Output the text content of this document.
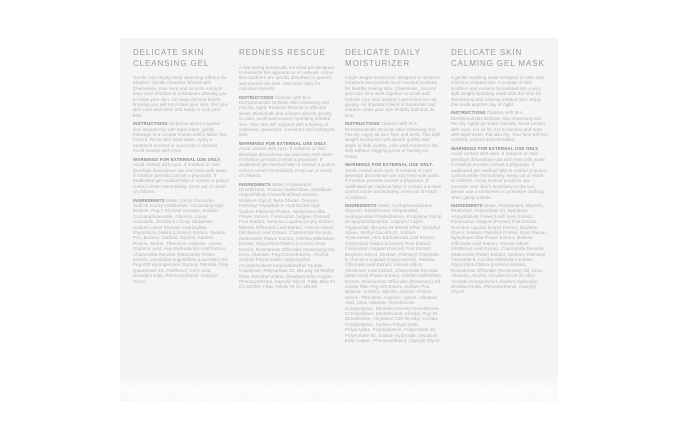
DELICATE SKIN CLEANSING GEL

Gentle, non-drying deep cleansing without the irritation. Gentle Cleanser infused with Chamomile, Aloe Vera and Licorice extracts keep your irritation to a minimum allowing you to clean your skin. Lift away dirt and debris knowing you will not irritate your skin. Get your skin calm and clean and ready to look your best.

INSTRUCTIONS Dispense about a quarter size amount mix with tepid water, gently message in a circular motion until a lather has formed. Rinse with tepid water. Apply a treatment product or sunscreen if desired. Avoid contact with eyes.

WARNINGS FOR EXTERNAL USE ONLY. Avoid contact with eyes. If irritation or rash develops discontinue use and rinse with water. If irritation persists consult a physician. If swallowed get medical help or contact a poison control center immediately. Keep out of reach of children.

INGREDIENTS Water, Decyl Glucoside, Sodium Cocoyl Isethionate, Cocamidopropyl Betaine, Peg-7 Glyceryl Cocoate, Sodium Cocoamphoacetate, Glycerin, Lauryl Glucoside, Disodium Cocoyl Glutamate, Sodium Lauryl Glucose Carboxylate, Glycyrrhiza Glabra (Licorice) Extract, Sodium Pca, Betaine, Sorbitol, Glycine, Alanine, Proline, Serine, Threonine, Arginine, Lysine, Glutamic Acid, Aloe Barbadensis Leaf Extract, Chamomilla Recutita (Matricaria) Flower Extract, Lavandula Angustifolia (Lavender) Oil, Peg-200 Hydrogenated Glyceryl Palmate, Poly- Quaternium-10, Panthenol, Citric Acid, Disodium Edta, Phenoxyethanol, Caprylyl Glycol

REDNESS RESCUE

A fast-acting botanically enriched gel designed to minimize the appearance of redness. Active skin soothers are quickly absorbed to quench and nourish the skin. Use twice daily for maximum benefit.

INSTRUCTIONS Cleanse with M.A. Dermaceuticals Delicate Skin Cleansing Gel. Pat dry. Apply Redness Rescue to affected areas. Botanicals and extracts absorb quickly to calm, sooth and nourish hydrating irritated skin. Your skin will respond with a feeling of calmness, quenched, nourished and looking its best.

WARNINGS FOR EXTERNAL USE ONLY. Avoid contact with eyes. If irritation or rash develops discontinue use and rinse with water. If irritation persists consult a physician. If swallowed get medical help or contact a poison control center immediately. Keep out of reach of children.

INGREDIENTS Water, Propanediol, Dimethicone, Sodium Hyaluronate, Epilobium Angustifolium Flower/leaf/stem Extract, Butylene Glycol, Beta Glucan, Dextran, Palmitoyl Tripeptide-8, Hydrolyzed Algin, Sodium Palmitoyl Proline, Nymphaea Alba Flower Extract, Foeniculum Vulgare (Fennel) Fruit Extract, Humulus Lupulus (Hops) Extract, Melissa Officinalis Leaf Extract, Viscum Album (Mistletoe) Leaf Extract, Chamomilla Recutita (Matricaria) Flower Extract, Achillea Millefolium Extract, Glycyrrhiza Glabra (Licorice) Root Extract, Rosmarinus Officinalis (Rosemary) Oil, Urea, Allantoin, Peg-8 Dimethicone, Alcohol, Sodium Polyacrylate, Hydroxyethyl Acrylate/sodium Acryloyldimethyl Taurate Copolymer, Polysorbate 20, Bis-peg-18 Methyl Ether Dimethyl Silane, Disodium Edta Copper, Phenoxyethanol, Caprylyl Glycol, Fd&c Blue #1 (Ci 42090), Fd&c Yellow #5 (Ci 19140)

DELICATE DAILY MOISTURIZER

A light weight moisturizer designed to minimize irritations and provide much needed moisture for healthy looking skin. Chamomile, Licorice and Aloe Vera work together to sooth and hydrate your skin leaving it quenched but not greasy. An important blend of botanicals and extracts make your skin healthy and look its best.

INSTRUCTIONS Cleanse with M.A. Dermaceuticals Delicate Skin Cleansing Gel. Pat dry. Apply all over face and neck. This light weight moisturizer will absorb quickly and begin to help soothe, calm and moisturize the skin without clogging pores or feeling too heavy.

WARNINGS FOR EXTERNAL USE ONLY. Avoid contact with eyes. If irritation or rash develops discontinue use and rinse with water. If irritation persists consult a physician. If swallowed get medical help or contact a poison control center immediately. Keep out of reach of children.

INGREDIENTS Water, Cyclopentasiloxane, Glycerin, Dimethicone, Propanediol, Hydrogenated Polyisobutene, Propylene Glycol Dicaprylate/dicaprate, Caprylic/ Capric Triglyceride, Bis-peg-18 Methyl Ether Dimethyl Silane, Methyl Gluceth-20, Sodium Hyaluronate, Aloe Barbadensis Leaf Extract, Glycyrrhiza Glabra (Licorice) Root Extract, Foeniculum Vulgare (Fennel) Fruit Extract, Butylene Glycol, Dextran, Palmitoyl Tripeptide-8, Humulus Lupulus (Hops) Extract, Melissa Officinalis Leaf Extract, Viscum Album (Mistletoe) Leaf Extract, Chamomilla Recutita (Matricaria) Flower Extract, Achillea Millefolium Extract, Rosmarinus Officinalis (Rosemary) Oil, Jojoba Wax Peg-120 Esters, Sodium Pca, Betaine, Sorbitol, Glycine, Alanine, Proline, Serine, Threonine, Arginine, Lysine, Glutamic Acid, Urea, Allantoin, Dimethicone Crosspolymer, Dimethicone/vinyl Dimethicone Crosspolymer, Dimethiconol, Alcohol, Peg-10 Dimethicone, Acrylates/ C10-30 Alkyl Acrylate Crosspolymer, Sodium Polyacrylate, Polyacrylate, Polyisobutene, Polysorbate 20, Polysorbate 60, Sodium Hydroxide, Disodium Edta Copper, Phenoxyethanol, Caprylyl Glycol

DELICATE SKIN CALMING GEL MASK

A gentle soothing mask designed to calm and minimize irritated skin. A cocktail of skin soothers and extracts formulated into a very light weight hydrating mask sets the tone for destressing and calming irritated skin. Enjoy this mask anytime day or night.

INSTRUCTIONS Cleanse with M.A. Dermaceuticals Delicate Skin Cleansing Gel. Pat dry. Apply gel mask liberally, avoid contact with eyes. Let sit for 3 to 5 minutes and rinse with tepid water. Pat skin dry. Your face will feel soothed, calmed and refreshed.

WARNINGS FOR EXTERNAL USE ONLY. Avoid contact with eyes. If irritation or rash develops discontinue use and rinse with water. If irritation persists consult a physician. If swallowed get medical help or contact a poison control center immediately. Keep out of reach of children. Using Retinol products can increase your skin's sensitivity to the sun, please use a sunscreen or protective clothing when going outside.

INGREDIENTS Water, Propanediol, Glycerin, Panthenol, Polysorbate 20, Epilobium Angustifolium Flower/Leaf/ stem Extract, Foeniculum Vulgare (Fennel) Fruit Extract, Humulus Lupulus (Hops) Extract, Butylene Glycol, Sodium Palmitoyl Proline, Beta Glucan, Nymphaea Alba Flower Extract, Melissa Officinalis Leaf Extract, Viscum Album (Mistletoe) Leaf Extract, Chamomilla Recutita (Matricaria) Flower Extract, Dextran, Palmitoyl Tripeptide-8, Achillea Millefolium Extract, Glycyrrhiza Glabra (Licorice) Extract, Rosmarinus Officinalis (Rosemary) Oil, Urea, Allantoin, Alcohol, Acrylates/C10-30 Alkyl Acrylate Crosspolymer, Sodium Hydroxide, Disodium Edta, Phenoxyethanol, Caprylyl Glycol
